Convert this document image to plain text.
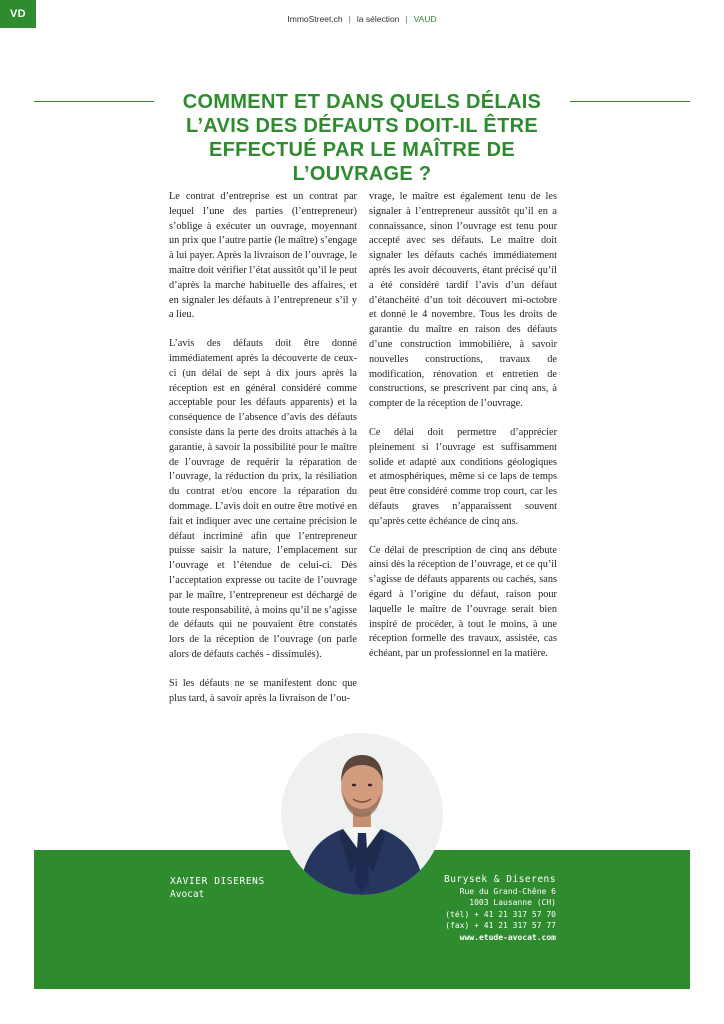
VD	ImmoStreet.ch | la sélection | VAUD
COMMENT ET DANS QUELS DÉLAIS L’AVIS DES DÉFAUTS DOIT-IL ÊTRE EFFECTUÉ PAR LE MAÎTRE DE L’OUVRAGE ?

Le contrat d’entreprise est un contrat par lequel l’une des parties (l’entrepreneur) s’oblige à exécuter un ouvrage, moyennant un prix que l’autre partie (le maître) s’engage à lui payer. Après la livraison de l’ouvrage, le maître doit vérifier l’état aussitôt qu’il le peut d’après la marche habituelle des affaires, et en signaler les défauts à l’entrepreneur s’il y a lieu.

L’avis des défauts doit être donné immédiatement après la découverte de ceux-ci (un délai de sept à dix jours après la réception est en général considéré comme acceptable pour les défauts apparents) et la conséquence de l’absence d’avis des défauts consiste dans la perte des droits attachés à la garantie, à savoir la possibilité pour le maître de l’ouvrage de requérir la réparation de l’ouvrage, la réduction du prix, la résiliation du contrat et/ou encore la réparation du dommage. L’avis doit en outre être motivé en fait et indiquer avec une certaine précision le défaut incriminé afin que l’entrepreneur puisse saisir la nature, l’emplacement sur l’ouvrage et l’étendue de celui-ci. Dès l’acceptation expresse ou tacite de l’ouvrage par le maître, l’entrepreneur est déchargé de toute responsabilité, à moins qu’il ne s’agisse de défauts qui ne pouvaient être constatés lors de la réception de l’ouvrage (on parle alors de défauts cachés - dissimulés).

Si les défauts ne se manifestent donc que plus tard, à savoir après la livraison de l’ou-

vrage, le maître est également tenu de les signaler à l’entrepreneur aussitôt qu’il en a connaissance, sinon l’ouvrage est tenu pour accepté avec ses défauts. Le maître doit signaler les défauts cachés immédiatement après les avoir découverts, étant précisé qu’il a été considéré tardif l’avis d’un défaut d’étanchéité d’un toit découvert mi-octobre et donné le 4 novembre. Tous les droits de garantie du maître en raison des défauts d’une construction immobilière, à savoir nouvelles constructions, travaux de modification, rénovation et entretien de constructions, se prescrivent par cinq ans, à compter de la réception de l’ouvrage.

Ce délai doit permettre d’apprécier pleinement si l’ouvrage est suffisamment solide et adapté aux conditions géologiques et atmosphériques, même si ce laps de temps peut être considéré comme trop court, car les défauts graves n’apparaissent souvent qu’après cette échéance de cinq ans.

Ce délai de prescription de cinq ans débute ainsi dès la réception de l’ouvrage, et ce qu’il s’agisse de défauts apparents ou cachés, sans égard à l’origine du défaut, raison pour laquelle le maître de l’ouvrage serait bien inspiré de procéder, à tout le moins, à une réception formelle des travaux, assistée, cas échéant, par un professionnel en la matière.

XAVIER DISERENS
Avocat
Burysek & Diserens
Rue du Grand-Chêne 6
1003 Lausanne (CH)
(tél) + 41 21 317 57 70
(fax) + 41 21 317 57 77
www.etude-avocat.com
